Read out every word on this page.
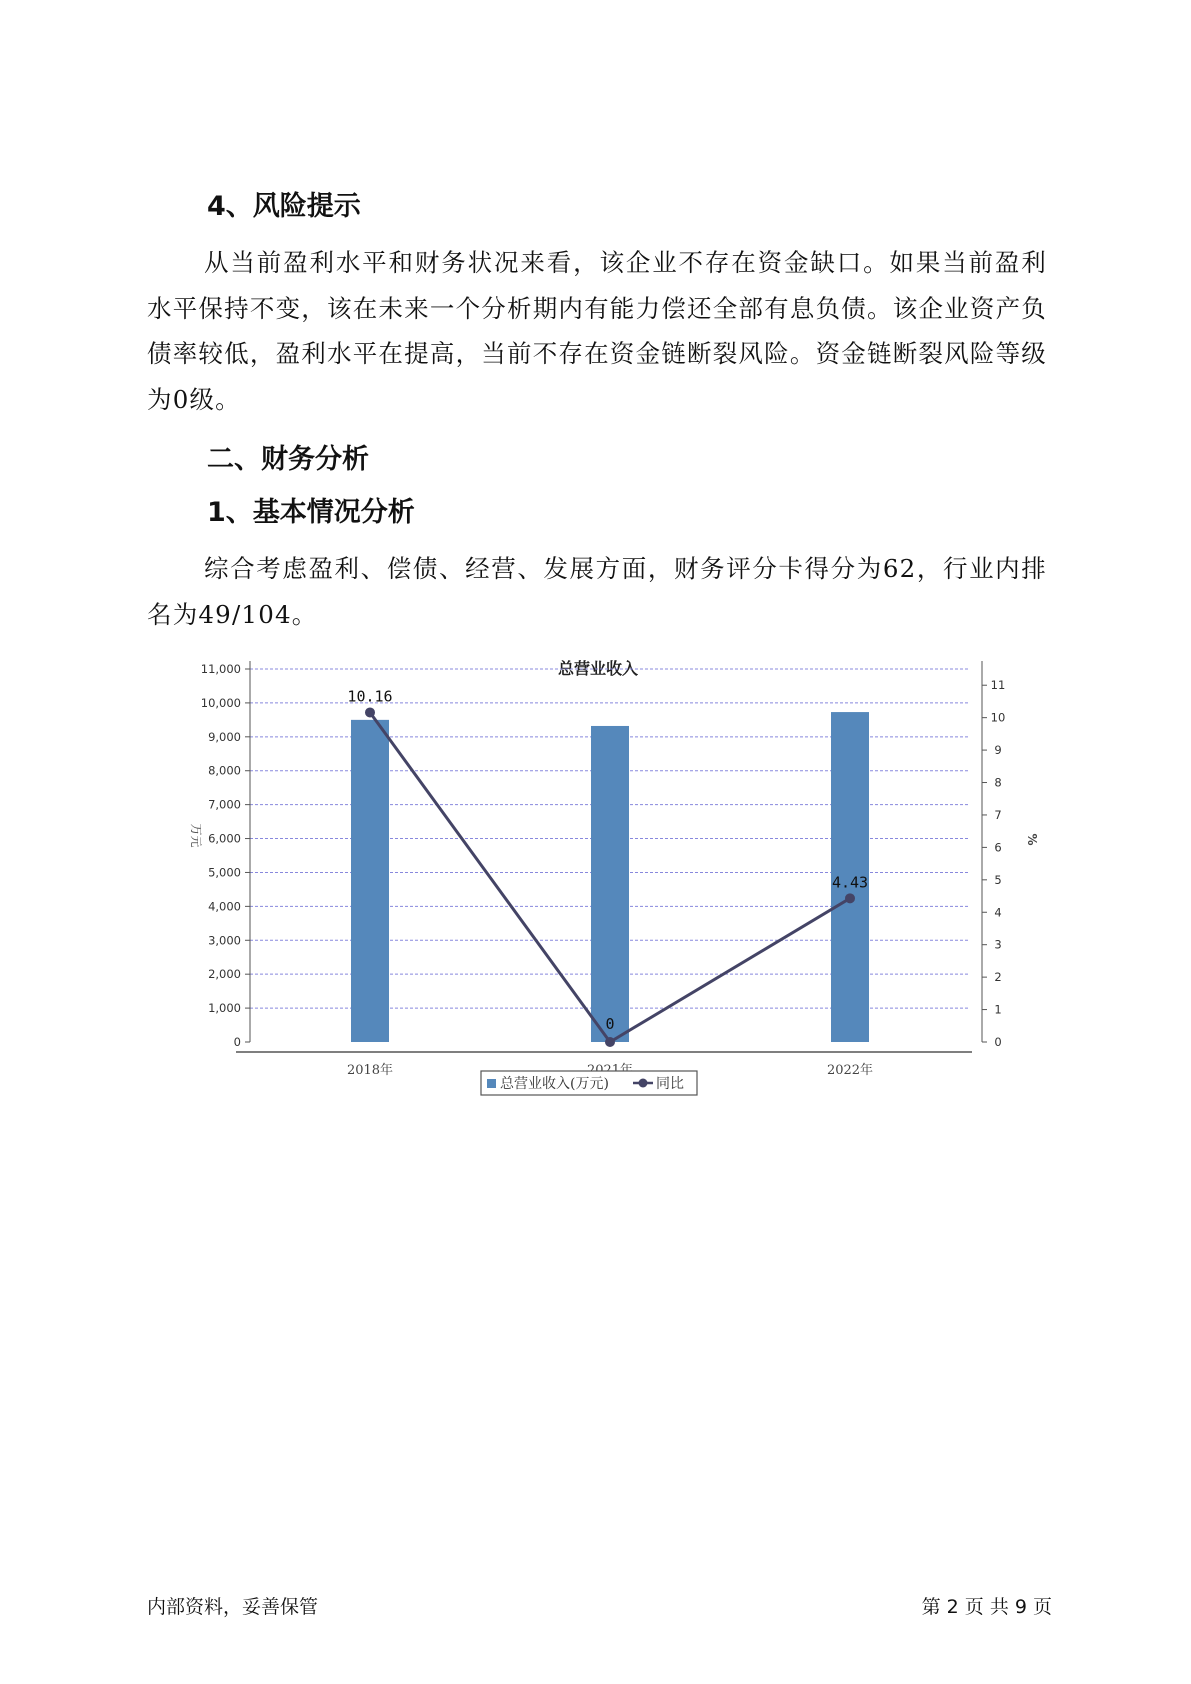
4、风险提示

从当前盈利水平和财务状况来看，该企业不存在资金缺口。如果当前盈利水平保持不变，该在未来一个分析期内有能力偿还全部有息负债。该企业资产负债率较低，盈利水平在提高，当前不存在资金链断裂风险。资金链断裂风险等级为0级。

二、财务分析
1、基本情况分析

综合考虑盈利、偿债、经营、发展方面，财务评分卡得分为62，行业内排名为49/104。

总营业收入
0
1,000
2,000
3,000
4,000
5,000
6,000
7,000
8,000
9,000
10,000
11,000
0
1
2
3
4
5
6
7
8
9
10
11
万元	%
2018年	2022年
10.16
0
4.43
总营业收入(万元)	同比
内部资料，妥善保管	第 2 页 共 9 页
